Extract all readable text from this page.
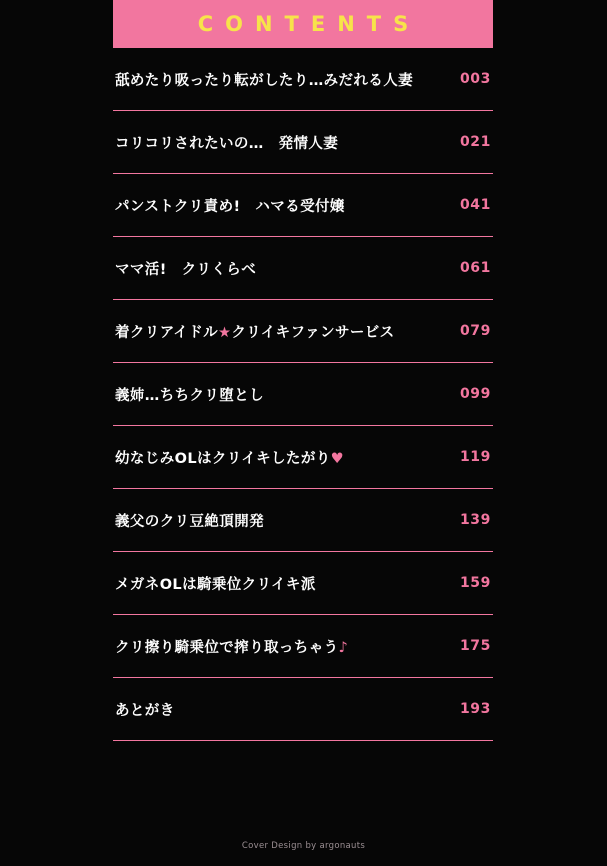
CONTENTS
舐めたり吸ったり転がしたり…みだれる人妻	003
コリコリされたいの…　発情人妻	021
パンストクリ責め!　ハマる受付嬢	041
ママ活!　クリくらべ	061
着クリアイドル★クリイキファンサービス	079
義姉…ちちクリ堕とし	099
幼なじみOLはクリイキしたがり♥	119
義父のクリ豆絶頂開発	139
メガネOLは騎乗位クリイキ派	159
クリ擦り騎乗位で搾り取っちゃう♪	175
あとがき	193
Cover Design by argonauts
